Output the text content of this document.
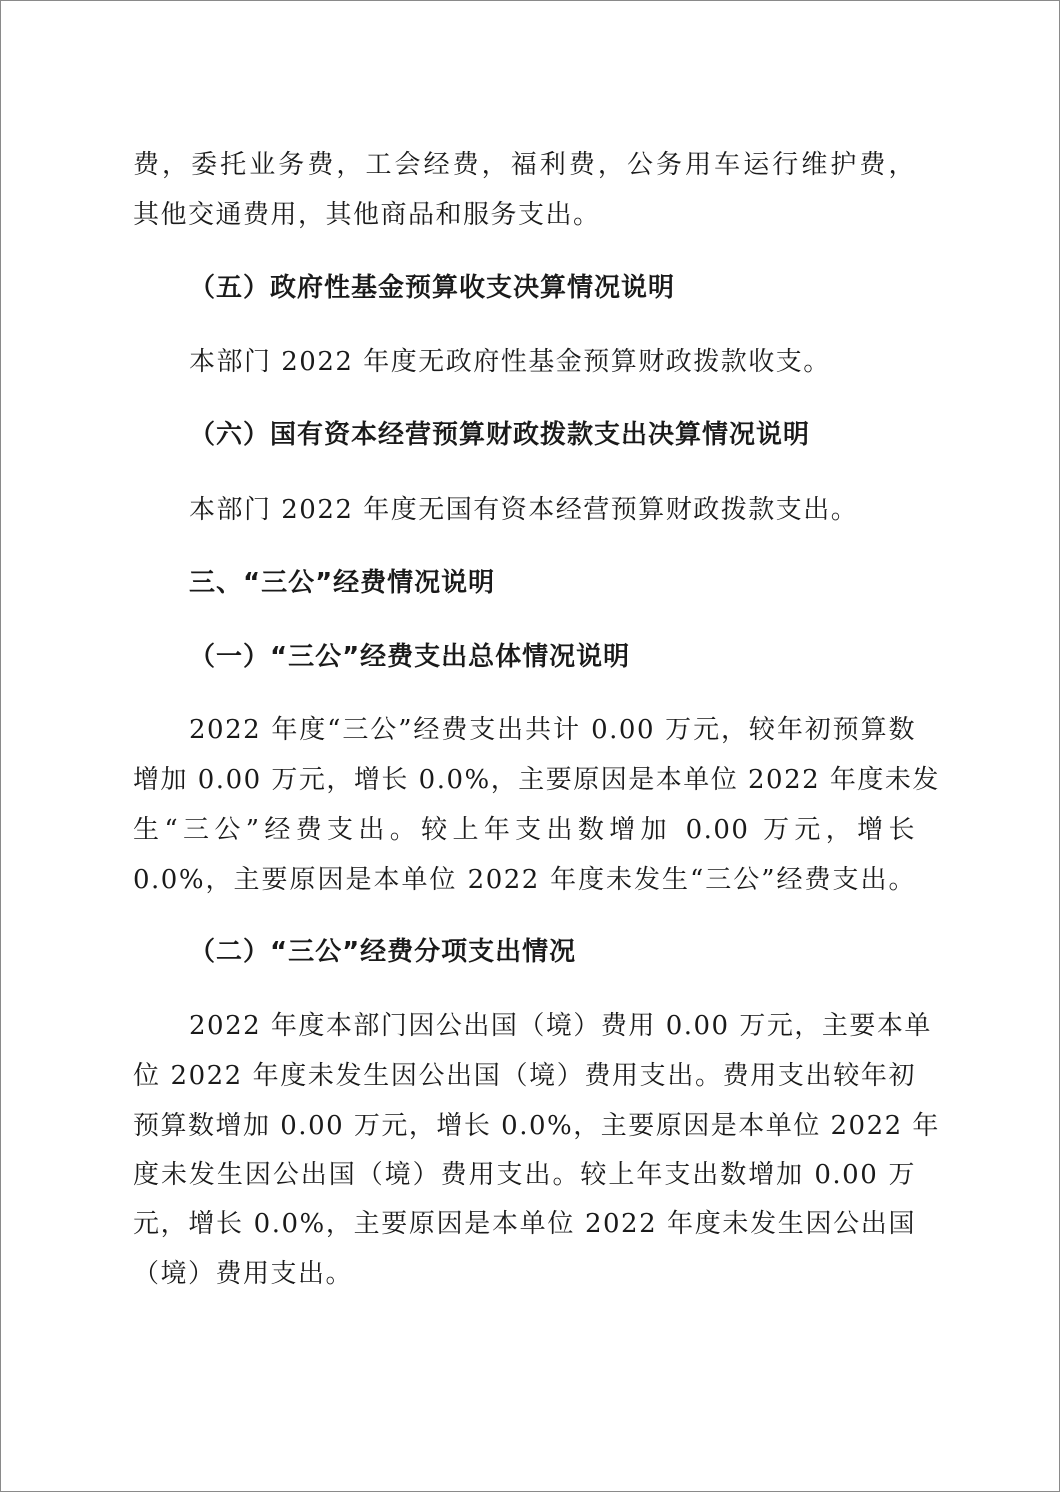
费，委托业务费，工会经费，福利费，公务用车运行维护费，
其他交通费用，其他商品和服务支出。
（五）政府性基金预算收支决算情况说明
本部门 2022 年度无政府性基金预算财政拨款收支。
（六）国有资本经营预算财政拨款支出决算情况说明
本部门 2022 年度无国有资本经营预算财政拨款支出。
三、“三公”经费情况说明
（一）“三公”经费支出总体情况说明
2022 年度“三公”经费支出共计 0.00 万元，较年初预算数
增加 0.00 万元，增长 0.0%，主要原因是本单位 2022 年度未发
生“三公”经费支出。较上年支出数增加 0.00 万元，增长
0.0%，主要原因是本单位 2022 年度未发生“三公”经费支出。
（二）“三公”经费分项支出情况
2022 年度本部门因公出国（境）费用 0.00 万元，主要本单
位 2022 年度未发生因公出国（境）费用支出。费用支出较年初
预算数增加 0.00 万元，增长 0.0%，主要原因是本单位 2022 年
度未发生因公出国（境）费用支出。较上年支出数增加 0.00 万
元，增长 0.0%，主要原因是本单位 2022 年度未发生因公出国
（境）费用支出。
